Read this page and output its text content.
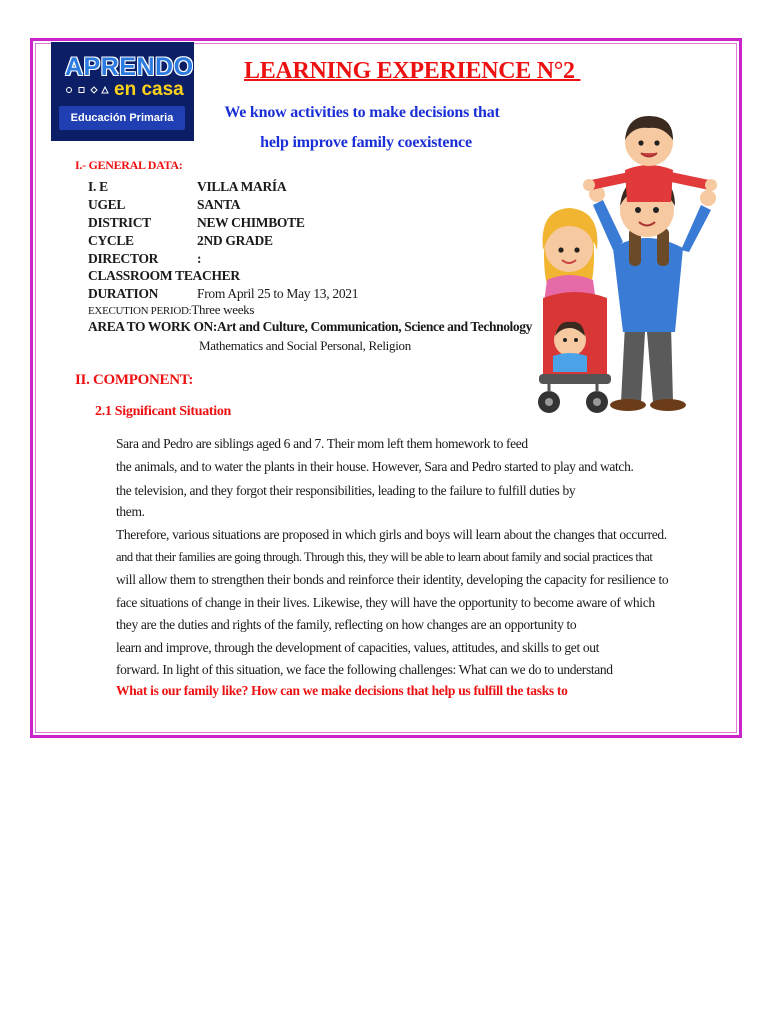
APRENDO
en casa
Educación Primaria
LEARNING EXPERIENCE N°2
We know activities to make decisions that
help improve family coexistence
I.- GENERAL DATA:
I. E	VILLA MARÍA
UGEL	SANTA
DISTRICT	NEW CHIMBOTE
CYCLE	2ND GRADE
DIRECTOR	:
CLASSROOM TEACHER
DURATION	From April 25 to May 13, 2021
EXECUTION PERIOD:Three weeks
AREA TO WORK ON:Art and Culture, Communication, Science and Technology
Mathematics and Social Personal, Religion
II. COMPONENT:
2.1 Significant Situation
Sara and Pedro are siblings aged 6 and 7. Their mom left them homework to feed
the animals, and to water the plants in their house. However, Sara and Pedro started to play and watch.
the television, and they forgot their responsibilities, leading to the failure to fulfill duties by
them.
Therefore, various situations are proposed in which girls and boys will learn about the changes that occurred.
and that their families are going through. Through this, they will be able to learn about family and social practices that
will allow them to strengthen their bonds and reinforce their identity, developing the capacity for resilience to
face situations of change in their lives. Likewise, they will have the opportunity to become aware of which
they are the duties and rights of the family, reflecting on how changes are an opportunity to
learn and improve, through the development of capacities, values, attitudes, and skills to get out
forward. In light of this situation, we face the following challenges: What can we do to understand
What is our family like? How can we make decisions that help us fulfill the tasks to
